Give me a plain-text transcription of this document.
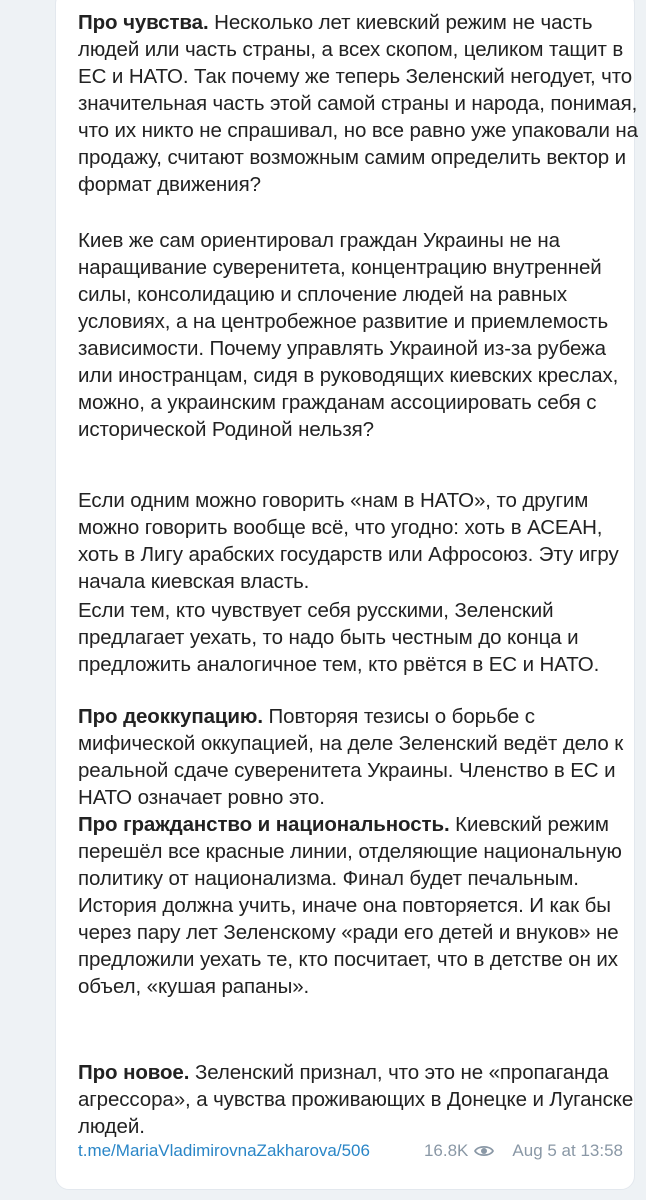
Про чувства. Несколько лет киевский режим не часть людей или часть страны, а всех скопом, целиком тащит в ЕС и НАТО. Так почему же теперь Зеленский негодует, что значительная часть этой самой страны и народа, понимая, что их никто не спрашивал, но все равно уже упаковали на продажу, считают возможным самим определить вектор и формат движения?

Киев же сам ориентировал граждан Украины не на наращивание суверенитета, концентрацию внутренней силы, консолидацию и сплочение людей на равных условиях, а на центробежное развитие и приемлемость зависимости. Почему управлять Украиной из-за рубежа или иностранцам, сидя в руководящих киевских креслах, можно, а украинским гражданам ассоциировать себя с исторической Родиной нельзя?

Если одним можно говорить «нам в НАТО», то другим можно говорить вообще всё, что угодно: хоть в АСЕАН, хоть в Лигу арабских государств или Афросоюз. Эту игру начала киевская власть.

Если тем, кто чувствует себя русскими, Зеленский предлагает уехать, то надо быть честным до конца и предложить аналогичное тем, кто рвётся в ЕС и НАТО.

Про деоккупацию. Повторяя тезисы о борьбе с мифической оккупацией, на деле Зеленский ведёт дело к реальной сдаче суверенитета Украины. Членство в ЕС и НАТО означает ровно это.

Про гражданство и национальность. Киевский режим перешёл все красные линии, отделяющие национальную политику от национализма. Финал будет печальным. История должна учить, иначе она повторяется. И как бы через пару лет Зеленскому «ради его детей и внуков» не предложили уехать те, кто посчитает, что в детстве он их объел, «кушая рапаны».

Про новое. Зеленский признал, что это не «пропаганда агрессора», а чувства проживающих в Донецке и Луганске людей.

t.me/MariaVladimirovnaZakharova/506	16.8K	Aug 5 at 13:58
